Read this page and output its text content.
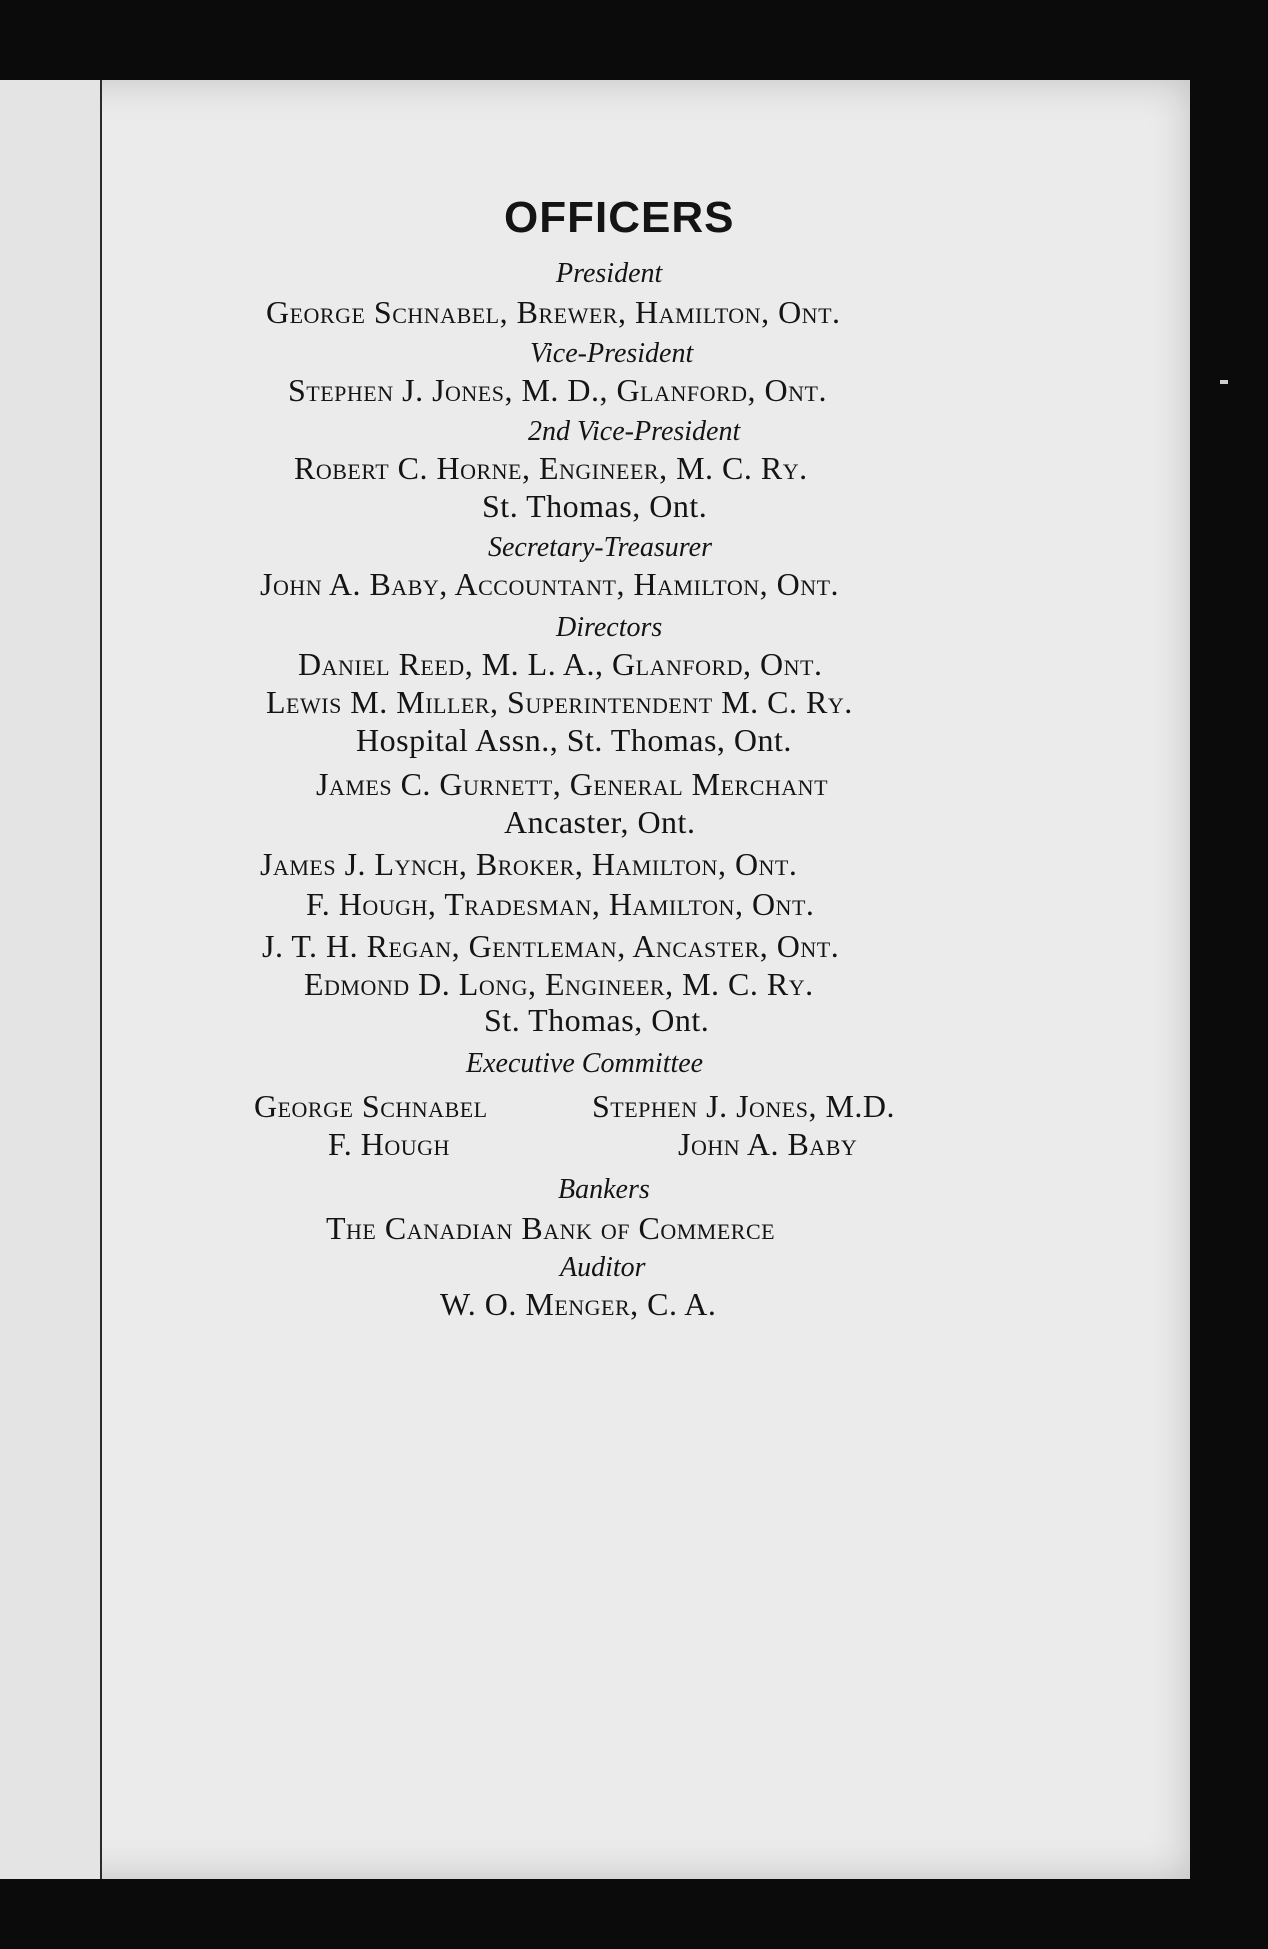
OFFICERS
President
George Schnabel, Brewer, Hamilton, Ont.
Vice-President
Stephen J. Jones, M. D., Glanford, Ont.
2nd Vice-President
Robert C. Horne, Engineer, M. C. Ry.
St. Thomas, Ont.
Secretary-Treasurer
John A. Baby, Accountant, Hamilton, Ont.
Directors
Daniel Reed, M. L. A., Glanford, Ont.
Lewis M. Miller, Superintendent M. C. Ry.
Hospital Assn., St. Thomas, Ont.
James C. Gurnett, General Merchant
Ancaster, Ont.
James J. Lynch, Broker, Hamilton, Ont.
F. Hough, Tradesman, Hamilton, Ont.
J. T. H. Regan, Gentleman, Ancaster, Ont.
Edmond D. Long, Engineer, M. C. Ry.
St. Thomas, Ont.
Executive Committee
George Schnabel	Stephen J. Jones, M.D.
F. Hough	John A. Baby
Bankers
The Canadian Bank of Commerce
Auditor
W. O. Menger, C. A.
